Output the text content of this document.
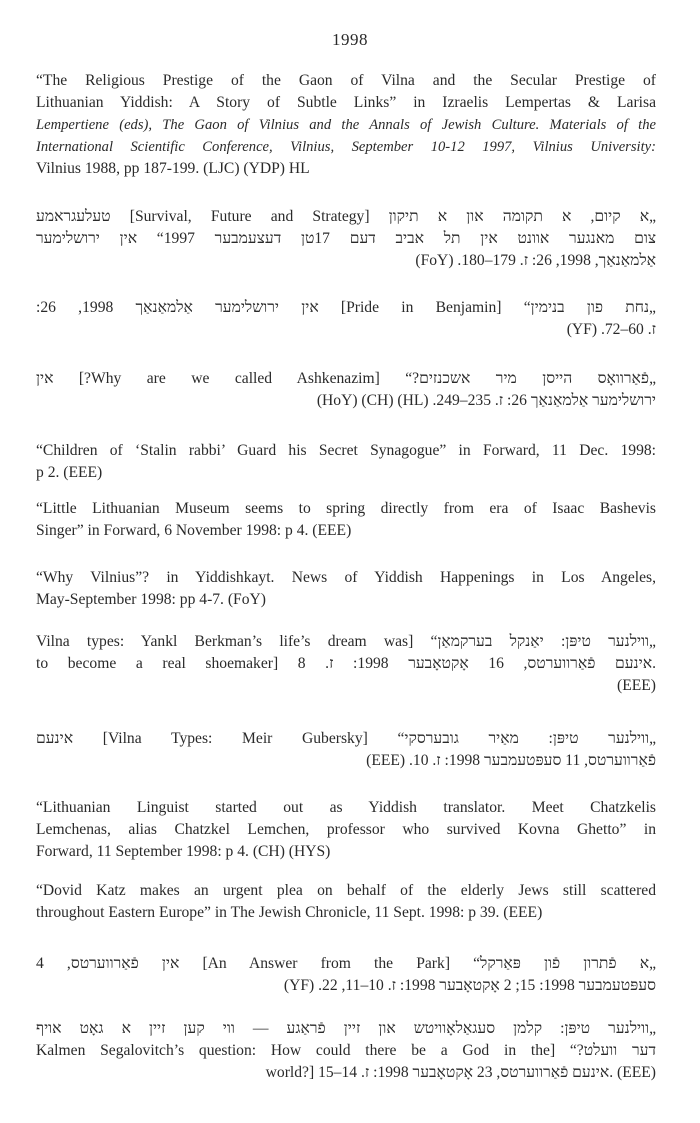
1998
“The Religious Prestige of the Gaon of Vilna and the Secular Prestige of
Lithuanian Yiddish: A Story of Subtle Links” in Izraelis Lempertas & Larisa
Lempertiene (eds), The Gaon of Vilnius and the Annals of Jewish Culture. Materials of the
International Scientific Conference, Vilnius, September 10-12 1997, Vilnius University:
Vilnius 1988, pp 187-199. (LJC) (YDP) HL
„א קיום, א תקומה און א תיקון [Survival, Future and Strategy] טעלעגראמע
צום מאנגער אוונט אין תל אביב דעם 17טן דעצעמבער 1997“ אין ירושלימער
אַלמאַנאַך, 1998, 26: ז. 179–180. (FoY)
„נחת פון בנימין“ [Pride in Benjamin] אין ירושלימער אַלמאַנאַך 1998, 26:
ז. 60–72. (YF)
„פֿאַרוואָס הייסן מיר אשכנזים?“ [Why are we called Ashkenazim?] אין
ירושלימער אַלמאַנאַך 26: ז. 235–249. (HL) (CH) (HoY)
“Children of ‘Stalin rabbi’ Guard his Secret Synagogue” in Forward, 11 Dec. 1998:
p 2. (EEE)
“Little Lithuanian Museum seems to spring directly from era of Isaac Bashevis
Singer” in Forward, 6 November 1998: p 4. (EEE)
“Why Vilnius”? in Yiddishkayt. News of Yiddish Happenings in Los Angeles,
May-September 1998: pp 4-7. (FoY)
„ווילנער טיפּן: יאַנקל בערקמאַן“ [Vilna types: Yankl Berkman’s life’s dream was
to become a real shoemaker] אינעם פֿאַרווערטס, 16 אָקטאָבער 1998: ז. 8.
(EEE)
„ווילנער טיפּן: מאַיר גובערסקי“ [Vilna Types: Meir Gubersky] אינעם
פֿאַרווערטס, 11 סעפּטעמבער 1998: ז. 10. (EEE)
“Lithuanian Linguist started out as Yiddish translator. Meet Chatzkelis
Lemchenas, alias Chatzkel Lemchen, professor who survived Kovna Ghetto” in
Forward, 11 September 1998: p 4. (CH) (HYS)
“Dovid Katz makes an urgent plea on behalf of the elderly Jews still scattered
throughout Eastern Europe” in The Jewish Chronicle, 11 Sept. 1998: p 39. (EEE)
„א פֿתרון פֿון פּאַרקל“ [An Answer from the Park] אין פֿאַרווערטס, 4
סעפּטעמבער 1998: 15; 2 אָקטאָבער 1998: ז. 10–11, 22. (YF)
„ווילנער טיפּן: קלמן סעגאַלאָוויטש און זיין פֿראַגע — ווי קען זיין א גאָט אויף
דער וועלט?“ [Kalmen Segalovitch’s question: How could there be a God in the
world?] אינעם פֿאַרווערטס, 23 אָקטאָבער 1998: ז. 14–15. (EEE)
